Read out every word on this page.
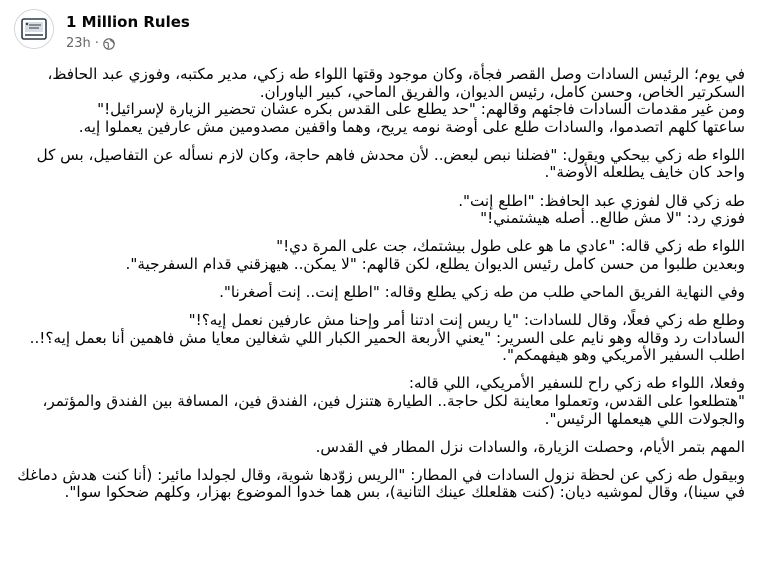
1 Million Rules
23h ·

في يوم؛ الرئيس السادات وصل القصر فجأة، وكان موجود وقتها اللواء طه زكي، مدير مكتبه، وفوزي عبد الحافظ، السكرتير الخاص، وحسن كامل، رئيس الديوان، والفريق الماحي، كبير الياوران.
ومن غير مقدمات السادات فاجئهم وقالهم: "حد يطلع على القدس بكره عشان تحضير الزيارة لإسرائيل!"
ساعتها كلهم اتصدموا، والسادات طلع على أوضة نومه يريح، وهما واقفين مصدومين مش عارفين يعملوا إيه.

اللواء طه زكي بيحكي ويقول: "فضلنا نبص لبعض.. لأن محدش فاهم حاجة، وكان لازم نسأله عن التفاصيل، بس كل واحد كان خايف يطلعله الأوضة".

طه زكي قال لفوزي عبد الحافظ: "اطلع إنت".
فوزي رد: "لا مش طالع.. أصله هيشتمني!"

اللواء طه زكي قاله: "عادي ما هو على طول بيشتمك، جت على المرة دي!"
وبعدين طلبوا من حسن كامل رئيس الديوان يطلع، لكن قالهم: "لا يمكن.. هيهزقني قدام السفرجية".

وفي النهاية الفريق الماحي طلب من طه زكي يطلع وقاله: "اطلع إنت.. إنت أصغرنا".

وطلع طه زكي فعلًا، وقال للسادات: "يا ريس إنت ادتنا أمر وإحنا مش عارفين نعمل إيه؟!"
السادات رد وقاله وهو نايم على السرير: "يعني الأربعة الحمير الكبار اللي شغالين معايا مش فاهمين أنا بعمل إيه؟!.. اطلب السفير الأمريكي وهو هيفهمكم".

وفعلا، اللواء طه زكي راح للسفير الأمريكي، اللي قاله:
"هتطلعوا على القدس، وتعملوا معاينة لكل حاجة.. الطيارة هتنزل فين، الفندق فين، المسافة بين الفندق والمؤتمر، والجولات اللي هيعملها الرئيس".

المهم بتمر الأيام، وحصلت الزيارة، والسادات نزل المطار في القدس.

وبيقول طه زكي عن لحظة نزول السادات في المطار: "الريس زوّدها شوية، وقال لجولدا مائير: (أنا كنت هدش دماغك في سينا)، وقال لموشيه ديان: (كنت هقلعلك عينك التانية)، بس هما خدوا الموضوع بهزار، وكلهم ضحكوا سوا".
